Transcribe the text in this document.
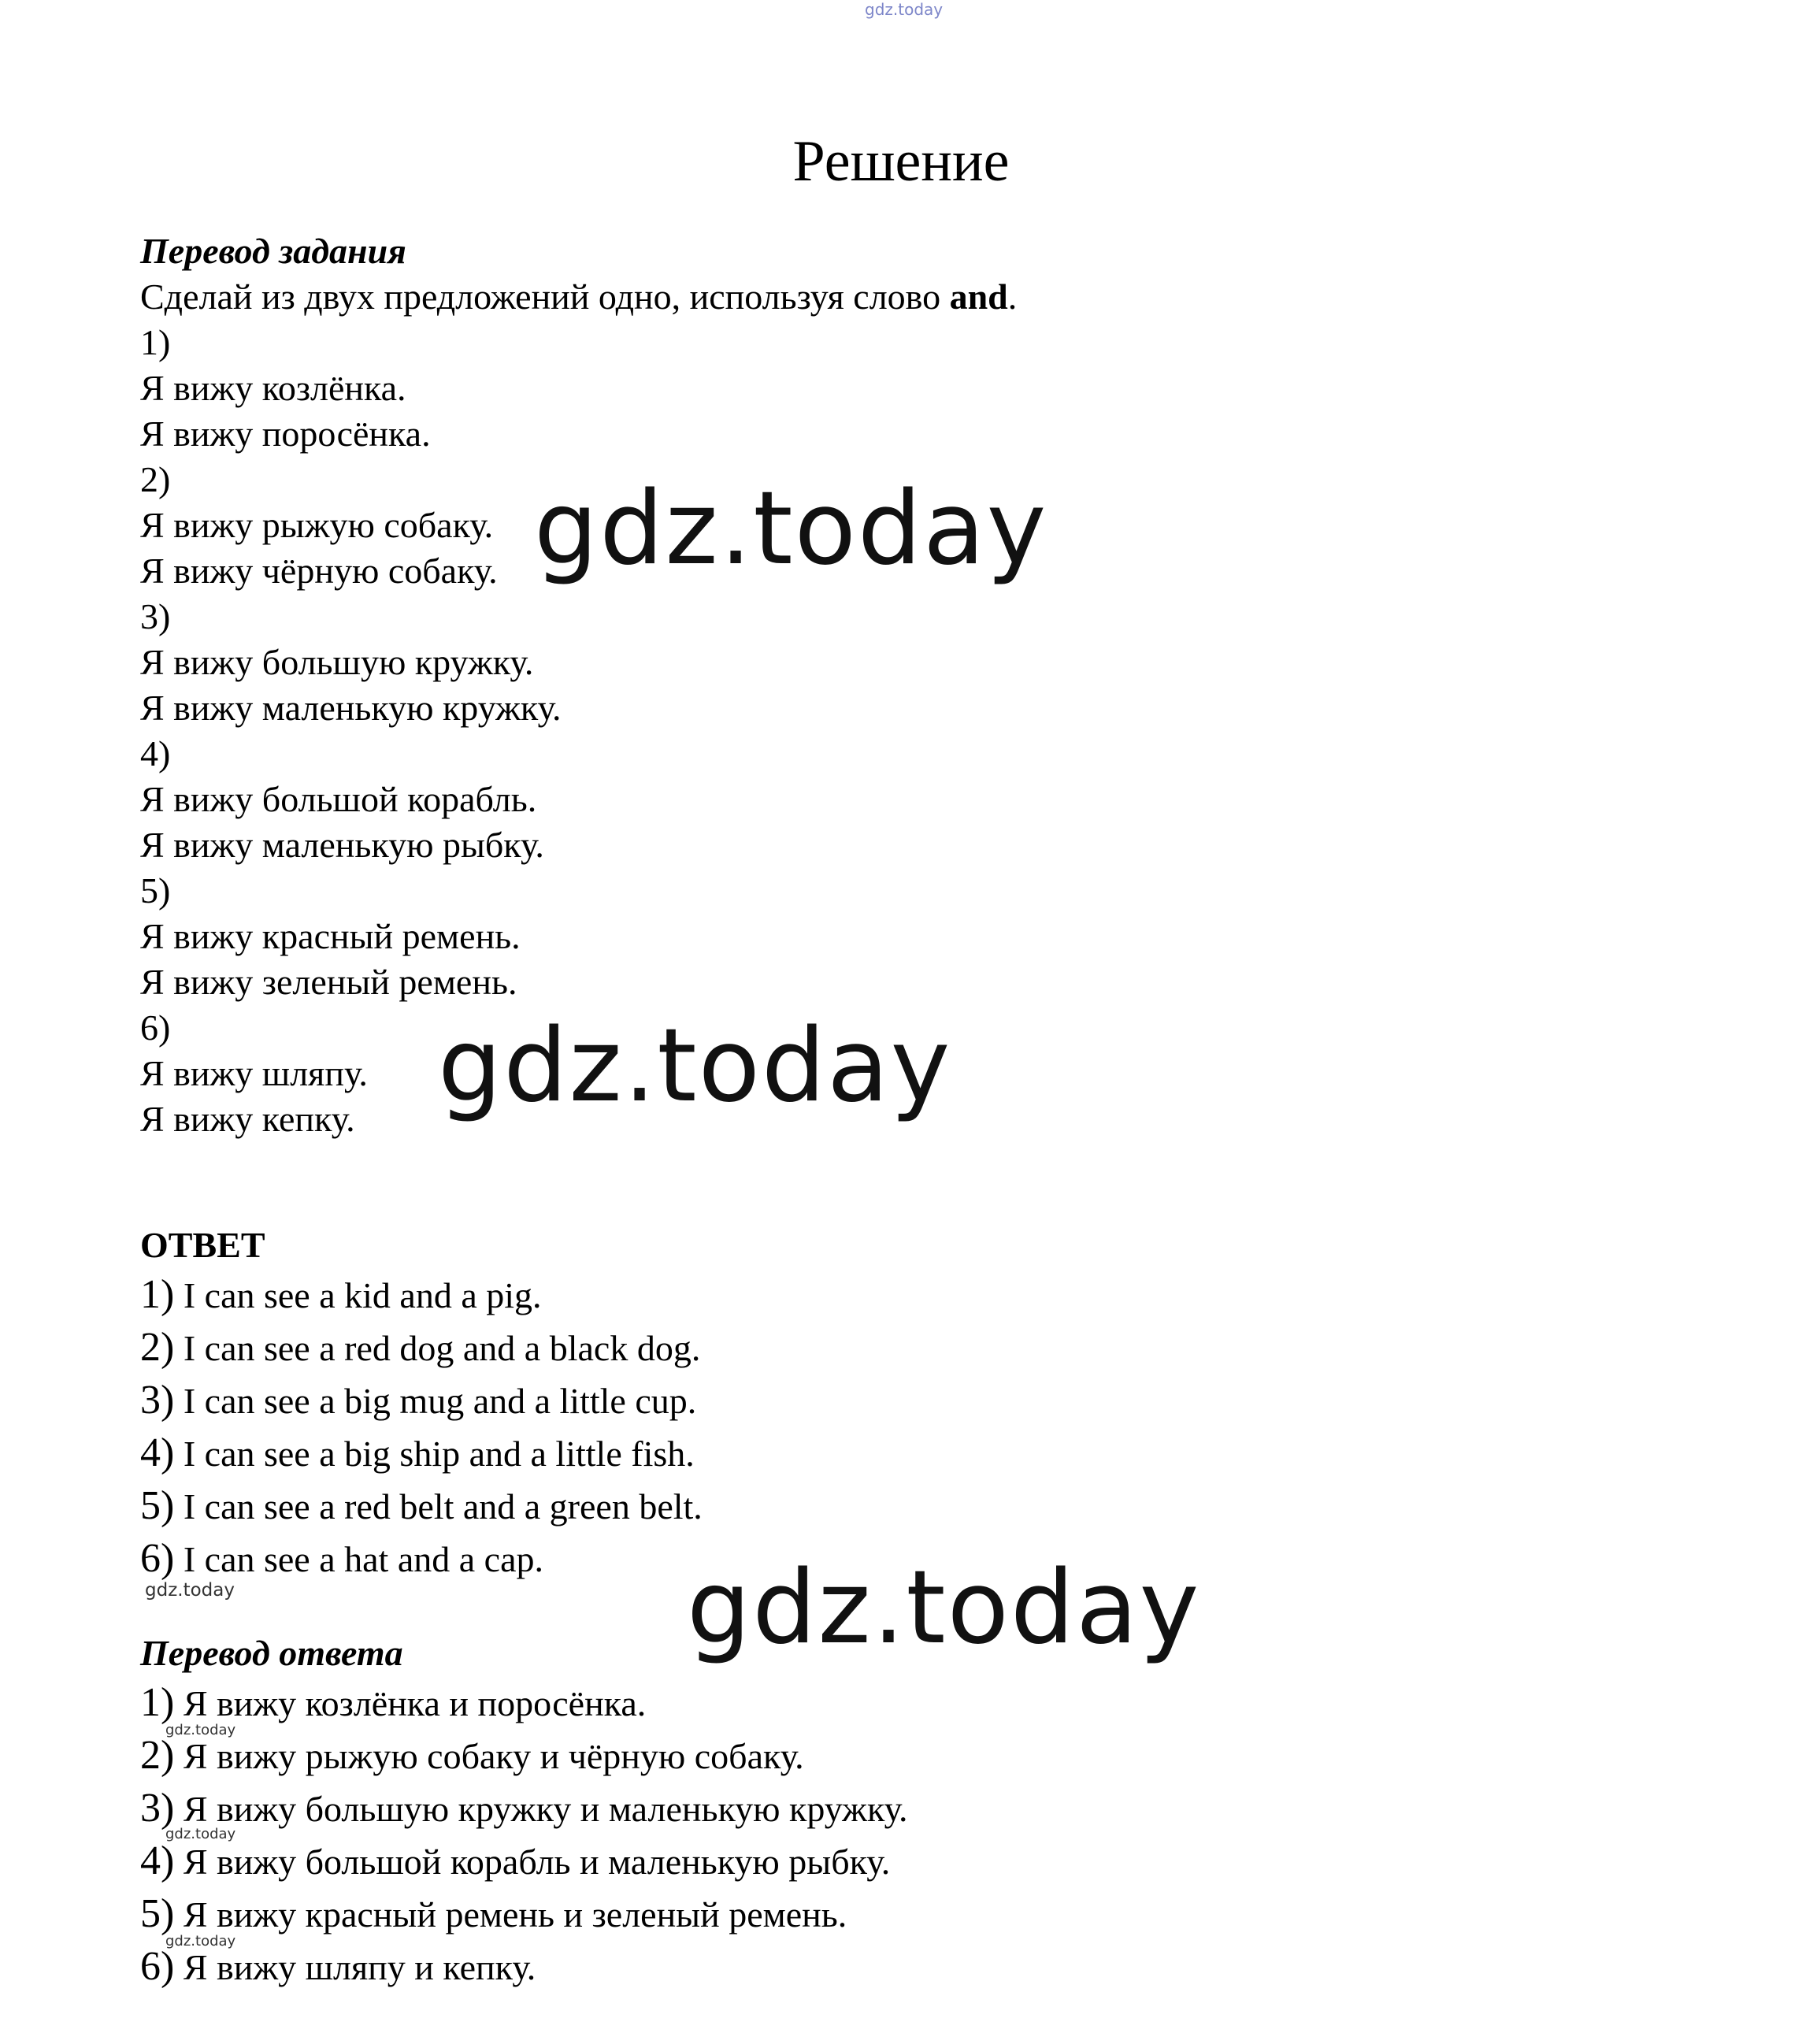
gdz.today
gdz.today
gdz.today
gdz.today
gdz.today
gdz.today
gdz.today
gdz.today
Решение
Перевод задания
Сделай из двух предложений одно, используя слово and.
1)
Я вижу козлёнка.
Я вижу поросёнка.
2)
Я вижу рыжую собаку.
Я вижу чёрную собаку.
3)
Я вижу большую кружку.
Я вижу маленькую кружку.
4)
Я вижу большой корабль.
Я вижу маленькую рыбку.
5)
Я вижу красный ремень.
Я вижу зеленый ремень.
6)
Я вижу шляпу.
Я вижу кепку.
ОТВЕТ
1) I can see a kid and a pig.
2) I can see a red dog and a black dog.
3) I can see a big mug and a little cup.
4) I can see a big ship and a little fish.
5) I can see a red belt and a green belt.
6) I can see a hat and a cap.
Перевод ответа
1) Я вижу козлёнка и поросёнка.
2) Я вижу рыжую собаку и чёрную собаку.
3) Я вижу большую кружку и маленькую кружку.
4) Я вижу большой корабль и маленькую рыбку.
5) Я вижу красный ремень и зеленый ремень.
6) Я вижу шляпу и кепку.
